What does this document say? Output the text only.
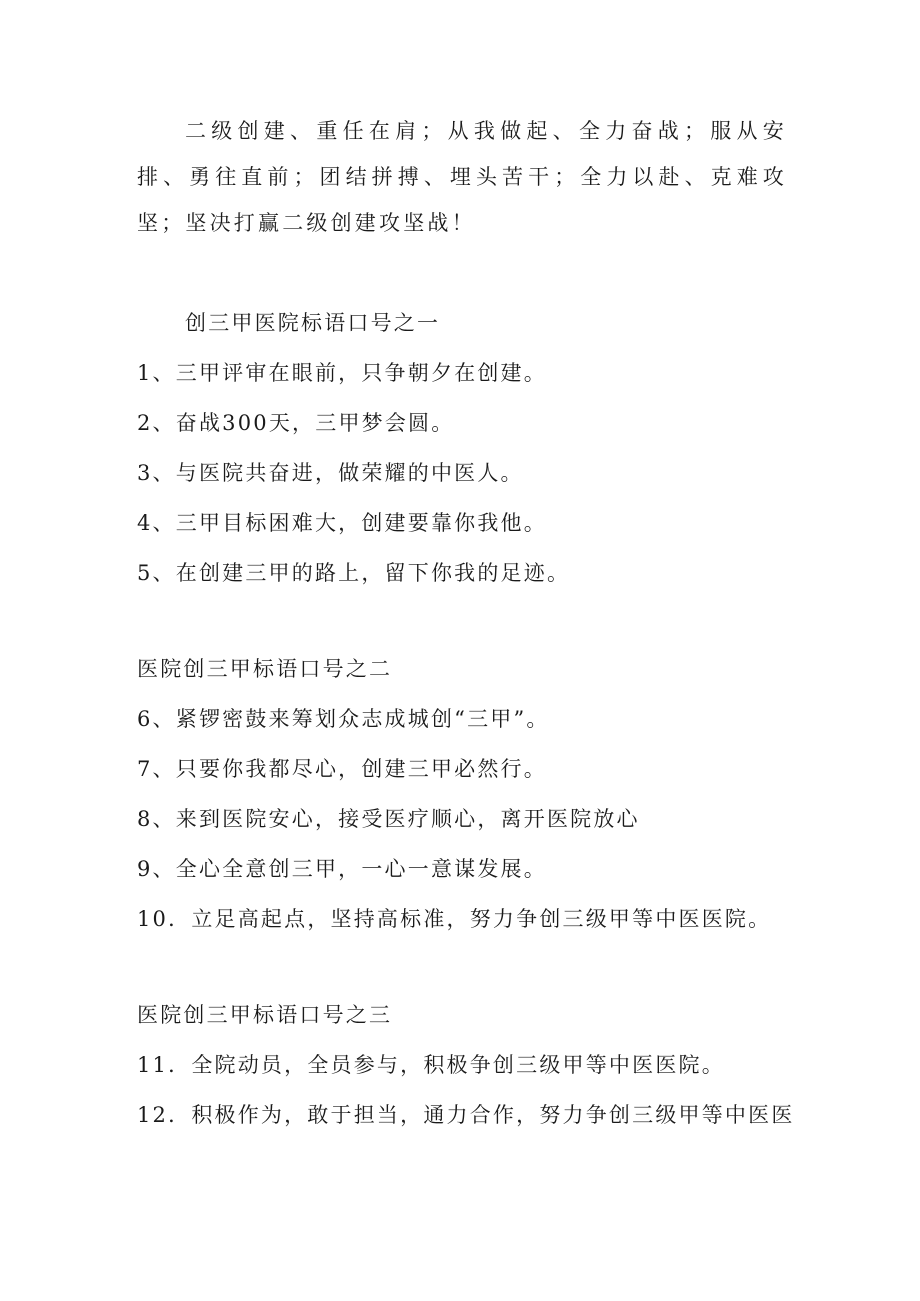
二级创建、重任在肩；从我做起、全力奋战；服从安排、勇往直前；团结拼搏、埋头苦干；全力以赴、克难攻坚；坚决打赢二级创建攻坚战！

创三甲医院标语口号之一

1、三甲评审在眼前，只争朝夕在创建。

2、奋战300天，三甲梦会圆。

3、与医院共奋进，做荣耀的中医人。

4、三甲目标困难大，创建要靠你我他。

5、在创建三甲的路上，留下你我的足迹。

医院创三甲标语口号之二

6、紧锣密鼓来筹划众志成城创“三甲”。

7、只要你我都尽心，创建三甲必然行。

8、来到医院安心，接受医疗顺心，离开医院放心

9、全心全意创三甲，一心一意谋发展。

10．立足高起点，坚持高标准，努力争创三级甲等中医医院。

医院创三甲标语口号之三

11．全院动员，全员参与，积极争创三级甲等中医医院。

12．积极作为，敢于担当，通力合作，努力争创三级甲等中医医
